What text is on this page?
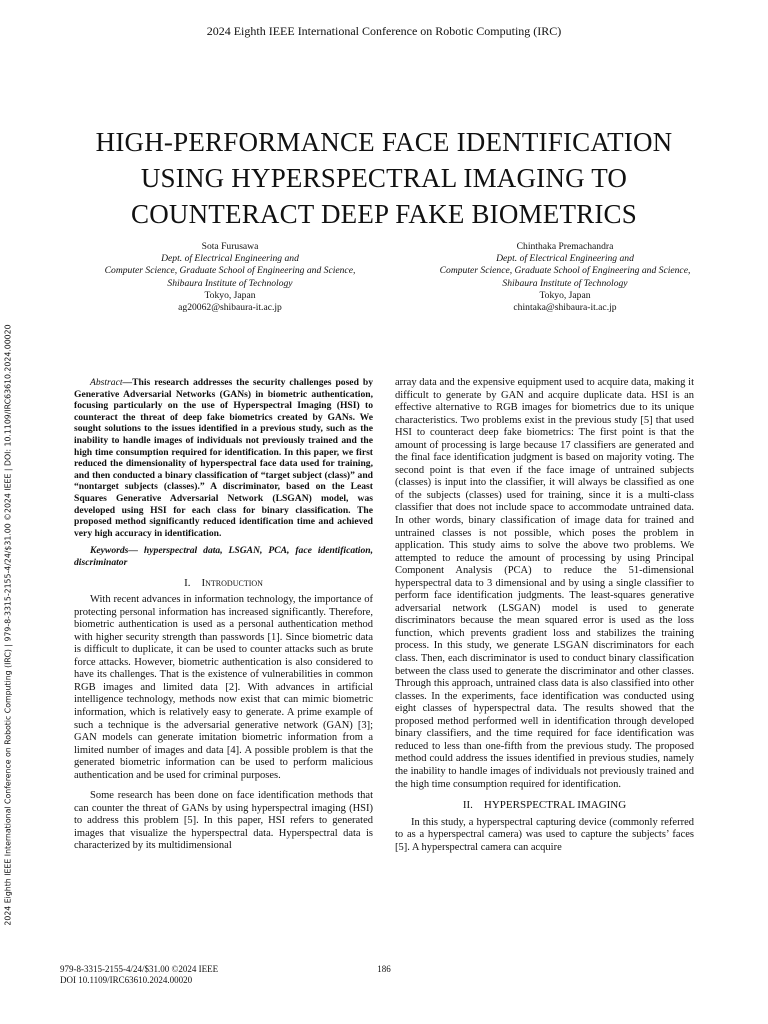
2024 Eighth IEEE International Conference on Robotic Computing (IRC)
HIGH-PERFORMANCE FACE IDENTIFICATION
USING HYPERSPECTRAL IMAGING TO
COUNTERACT DEEP FAKE BIOMETRICS
Sota Furusawa
Dept. of Electrical Engineering and
Computer Science, Graduate School of Engineering and Science,
Shibaura Institute of Technology
Tokyo, Japan
ag20062@shibaura-it.ac.jp
Chinthaka Premachandra
Dept. of Electrical Engineering and
Computer Science, Graduate School of Engineering and Science,
Shibaura Institute of Technology
Tokyo, Japan
chintaka@shibaura-it.ac.jp
2024 Eighth IEEE International Conference on Robotic Computing (IRC) | 979-8-3315-2155-4/24/$31.00 ©2024 IEEE | DOI: 10.1109/IRC63610.2024.00020	Abstract—This research addresses the security challenges posed by Generative Adversarial Networks (GANs) in biometric authentication, focusing particularly on the use of Hyperspectral Imaging (HSI) to counteract the threat of deep fake biometrics created by GANs. We sought solutions to the issues identified in a previous study, such as the inability to handle images of individuals not previously trained and the high time consumption required for identification. In this paper, we first reduced the dimensionality of hyperspectral face data used for training, and then conducted a binary classification of “target subject (class)” and “nontarget subjects (classes).” A discriminator, based on the Least Squares Generative Adversarial Network (LSGAN) model, was developed using HSI for each class for binary classification. The proposed method significantly reduced identification time and achieved very high accuracy in identification.

Keywords— hyperspectral data, LSGAN, PCA, face identification, discriminator

I. Introduction

With recent advances in information technology, the importance of protecting personal information has increased significantly. Therefore, biometric authentication is used as a personal authentication method with higher security strength than passwords [1]. Since biometric data is difficult to duplicate, it can be used to counter attacks such as brute force attacks. However, biometric authentication is also considered to have its challenges. That is the existence of vulnerabilities in common RGB images and limited data [2]. With advances in artificial intelligence technology, methods now exist that can mimic biometric information, which is relatively easy to generate. A prime example of such a technique is the adversarial generative network (GAN) [3]; GAN models can generate imitation biometric information from a limited number of images and data [4]. A possible problem is that the generated biometric information can be used to perform malicious authentication and be used for criminal purposes.

Some research has been done on face identification methods that can counter the threat of GANs by using hyperspectral imaging (HSI) to address this problem [5]. In this paper, HSI refers to generated images that visualize the hyperspectral data. Hyperspectral data is characterized by its multidimensional

array data and the expensive equipment used to acquire data, making it difficult to generate by GAN and acquire duplicate data. HSI is an effective alternative to RGB images for biometrics due to its unique characteristics. Two problems exist in the previous study [5] that used HSI to counteract deep fake biometrics: The first point is that the amount of processing is large because 17 classifiers are generated and the final face identification judgment is based on majority voting. The second point is that even if the face image of untrained subjects (classes) is input into the classifier, it will always be classified as one of the subjects (classes) used for training, since it is a multi-class classifier that does not include space to accommodate untrained data. In other words, binary classification of image data for trained and untrained classes is not possible, which poses the problem in application. This study aims to solve the above two problems. We attempted to reduce the amount of processing by using Principal Component Analysis (PCA) to reduce the 51-dimensional hyperspectral data to 3 dimensional and by using a single classifier to perform face identification judgments. The least-squares generative adversarial network (LSGAN) model is used to generate discriminators because the mean squared error is used as the loss function, which prevents gradient loss and stabilizes the training process. In this study, we generate LSGAN discriminators for each class. Then, each discriminator is used to conduct binary classification between the class used to generate the discriminator and other classes. Through this approach, untrained class data is also classified into other classes. In the experiments, face identification was conducted using eight classes of hyperspectral data. The results showed that the proposed method performed well in identification through developed binary classifiers, and the time required for face identification was reduced to less than one-fifth from the previous study. The proposed method could address the issues identified in previous studies, namely the inability to handle images of individuals not previously trained and the high time consumption required for identification.

II. HYPERSPECTRAL IMAGING

In this study, a hyperspectral capturing device (commonly referred to as a hyperspectral camera) was used to capture the subjects’ faces [5]. A hyperspectral camera can acquire

979-8-3315-2155-4/24/$31.00 ©2024 IEEE
DOI 10.1109/IRC63610.2024.00020
186
